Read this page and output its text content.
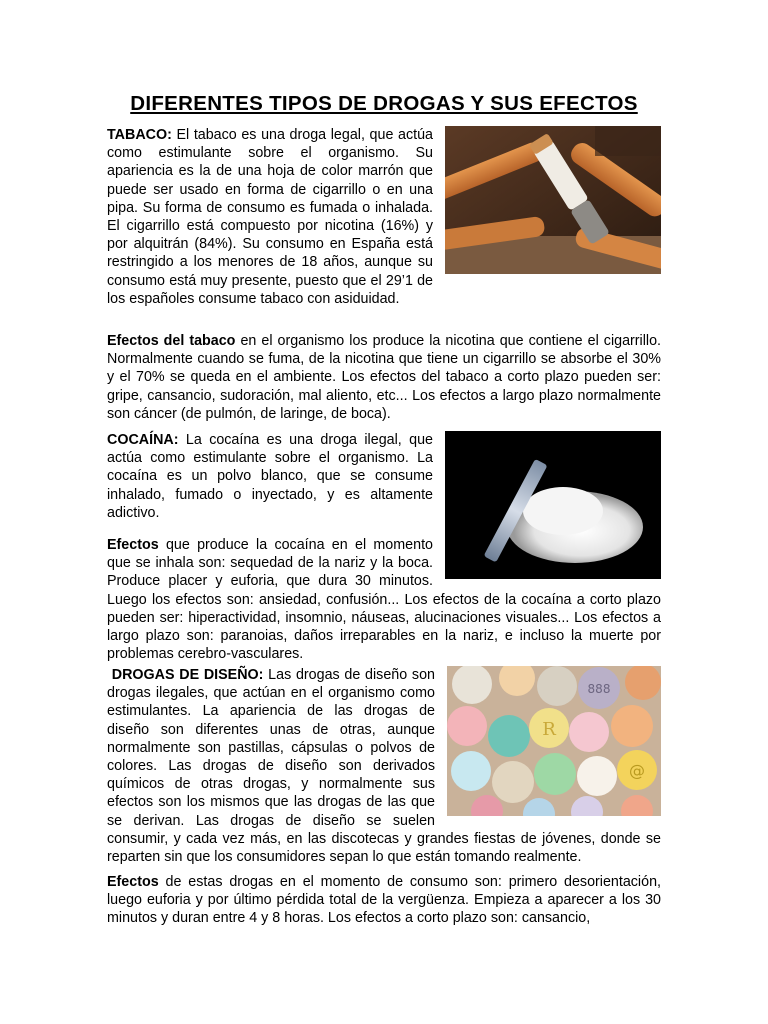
DIFERENTES TIPOS DE DROGAS Y SUS EFECTOS
TABACO: El tabaco es una droga legal, que actúa como estimulante sobre el organismo. Su apariencia es la de una hoja de color marrón que puede ser usado en forma de cigarrillo o en una pipa. Su forma de consumo es fumada o inhalada. El cigarrillo está compuesto por nicotina (16%) y por alquitrán (84%). Su consumo en España está restringido a los menores de 18 años, aunque su consumo está muy presente, puesto que el 29’1 de los españoles consume tabaco con asiduidad.
Efectos del tabaco en el organismo los produce la nicotina que contiene el cigarrillo. Normalmente cuando se fuma, de la nicotina que tiene un cigarrillo se absorbe el 30% y el 70% se queda en el ambiente. Los efectos del tabaco a corto plazo pueden ser: gripe, cansancio, sudoración, mal aliento, etc... Los efectos a largo plazo normalmente son cáncer (de pulmón, de laringe, de boca).
COCAÍNA: La cocaína es una droga ilegal, que actúa como estimulante sobre el organismo. La cocaína es un polvo blanco, que se consume inhalado, fumado o inyectado, y es altamente adictivo.
Efectos que produce la cocaína en el momento que se inhala son: sequedad de la nariz y la boca. Produce placer y euforia, que dura 30 minutos. Luego los efectos son: ansiedad, confusión... Los efectos de la cocaína a corto plazo pueden ser: hiperactividad, insomnio, náuseas, alucinaciones visuales... Los efectos a largo plazo son: paranoias, daños irreparables en la nariz, e incluso la muerte por problemas cerebro-vasculares.
888
R
@
DROGAS DE DISEÑO: Las drogas de diseño son drogas ilegales, que actúan en el organismo como estimulantes. La apariencia de las drogas de diseño son diferentes unas de otras, aunque normalmente son pastillas, cápsulas o polvos de colores. Las drogas de diseño son derivados químicos de otras drogas, y normalmente sus efectos son los mismos que las drogas de las que se derivan. Las drogas de diseño se suelen consumir, y cada vez más, en las discotecas y grandes fiestas de jóvenes, donde se reparten sin que los consumidores sepan lo que están tomando realmente.
Efectos de estas drogas en el momento de consumo son: primero desorientación, luego euforia y por último pérdida total de la vergüenza. Empieza a aparecer a los 30 minutos y duran entre 4 y 8 horas. Los efectos a corto plazo son: cansancio,
